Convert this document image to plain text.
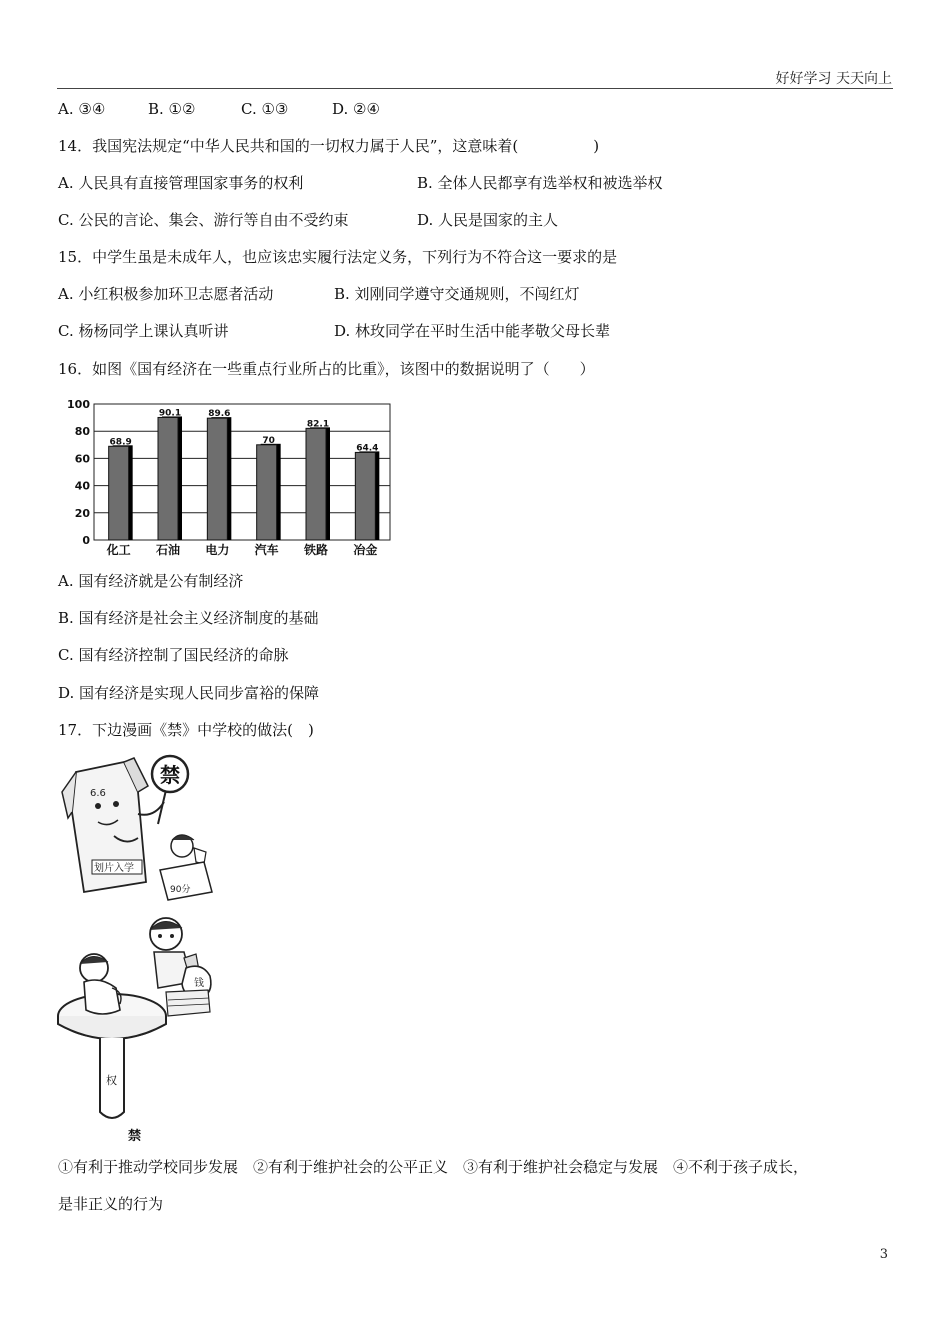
好好学习 天天向上
A. ③④	B. ①②	C. ①③	D. ②④
14．我国宪法规定“中华人民共和国的一切权力属于人民”，这意味着(　　　　　)
A. 人民具有直接管理国家事务的权利	B. 全体人民都享有选举权和被选举权
C. 公民的言论、集会、游行等自由不受约束	D. 人民是国家的主人
15．中学生虽是未成年人，也应该忠实履行法定义务，下列行为不符合这一要求的是
A. 小红积极参加环卫志愿者活动	B. 刘刚同学遵守交通规则，不闯红灯
C. 杨杨同学上课认真听讲	D. 林玫同学在平时生活中能孝敬父母长辈
16．如图《国有经济在一些重点行业所占的比重》，该图中的数据说明了（　　）
0
20
40
60
80
100
68.9
90.1	89.6
70
82.1
64.4
化工 石油 电力 汽车 铁路 冶金
A. 国有经济就是公有制经济
B. 国有经济是社会主义经济制度的基础
C. 国有经济控制了国民经济的命脉
D. 国有经济是实现人民同步富裕的保障
17．下边漫画《禁》中学校的做法(　)
6.6
划片入学
禁
90分
钱
权
禁
①有利于推动学校同步发展　②有利于维护社会的公平正义　③有利于维护社会稳定与发展　④不利于孩子成长，
是非正义的行为
3
